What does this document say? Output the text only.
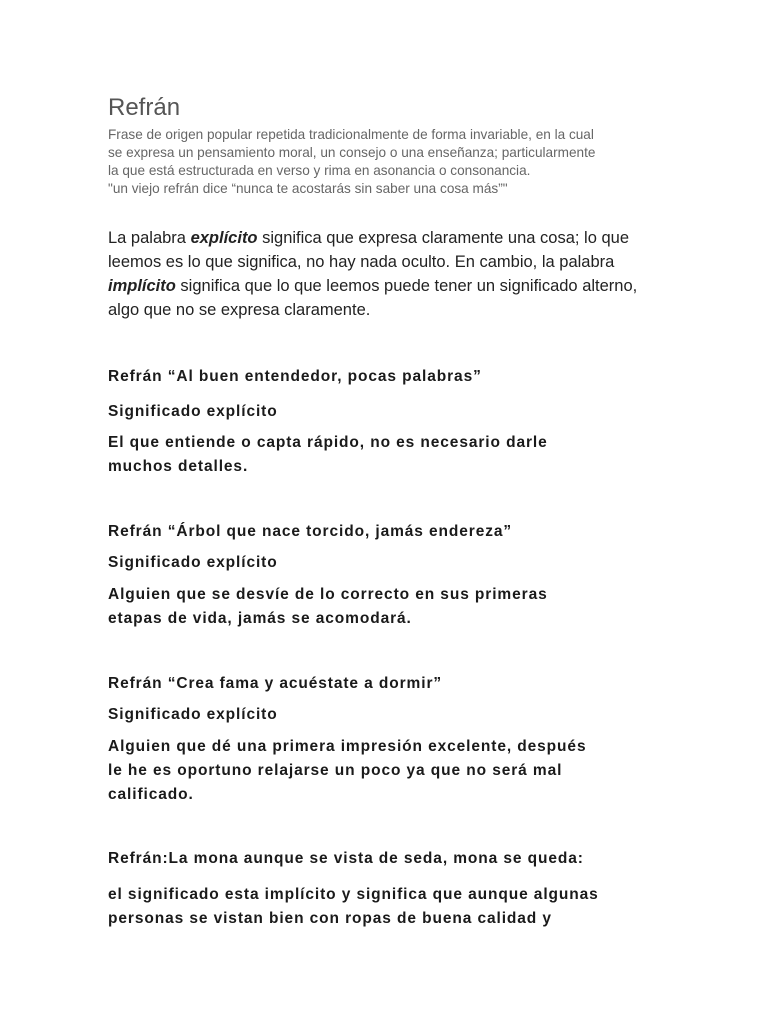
Refrán

Frase de origen popular repetida tradicionalmente de forma invariable, en la cual

se expresa un pensamiento moral, un consejo o una enseñanza; particularmente

la que está estructurada en verso y rima en asonancia o consonancia.

"un viejo refrán dice “nunca te acostarás sin saber una cosa más”"

La palabra explícito significa que expresa claramente una cosa; lo que leemos es lo que significa, no hay nada oculto. En cambio, la palabra implícito significa que lo que leemos puede tener un significado alterno, algo que no se expresa claramente.

Refrán “Al buen entendedor, pocas palabras”

Significado explícito

El que entiende o capta rápido, no es necesario darle

muchos detalles.

Refrán “Árbol que nace torcido, jamás endereza”

Significado explícito

Alguien que se desvíe de lo correcto en sus primeras

etapas de vida, jamás se acomodará.

Refrán “Crea fama y acuéstate a dormir”

Significado explícito

Alguien que dé una primera impresión excelente, después

le he es oportuno relajarse un poco ya que no será mal

calificado.

Refrán:La mona aunque se vista de seda, mona se queda:

el significado esta implícito y significa que aunque algunas

personas se vistan bien con ropas de buena calidad y
